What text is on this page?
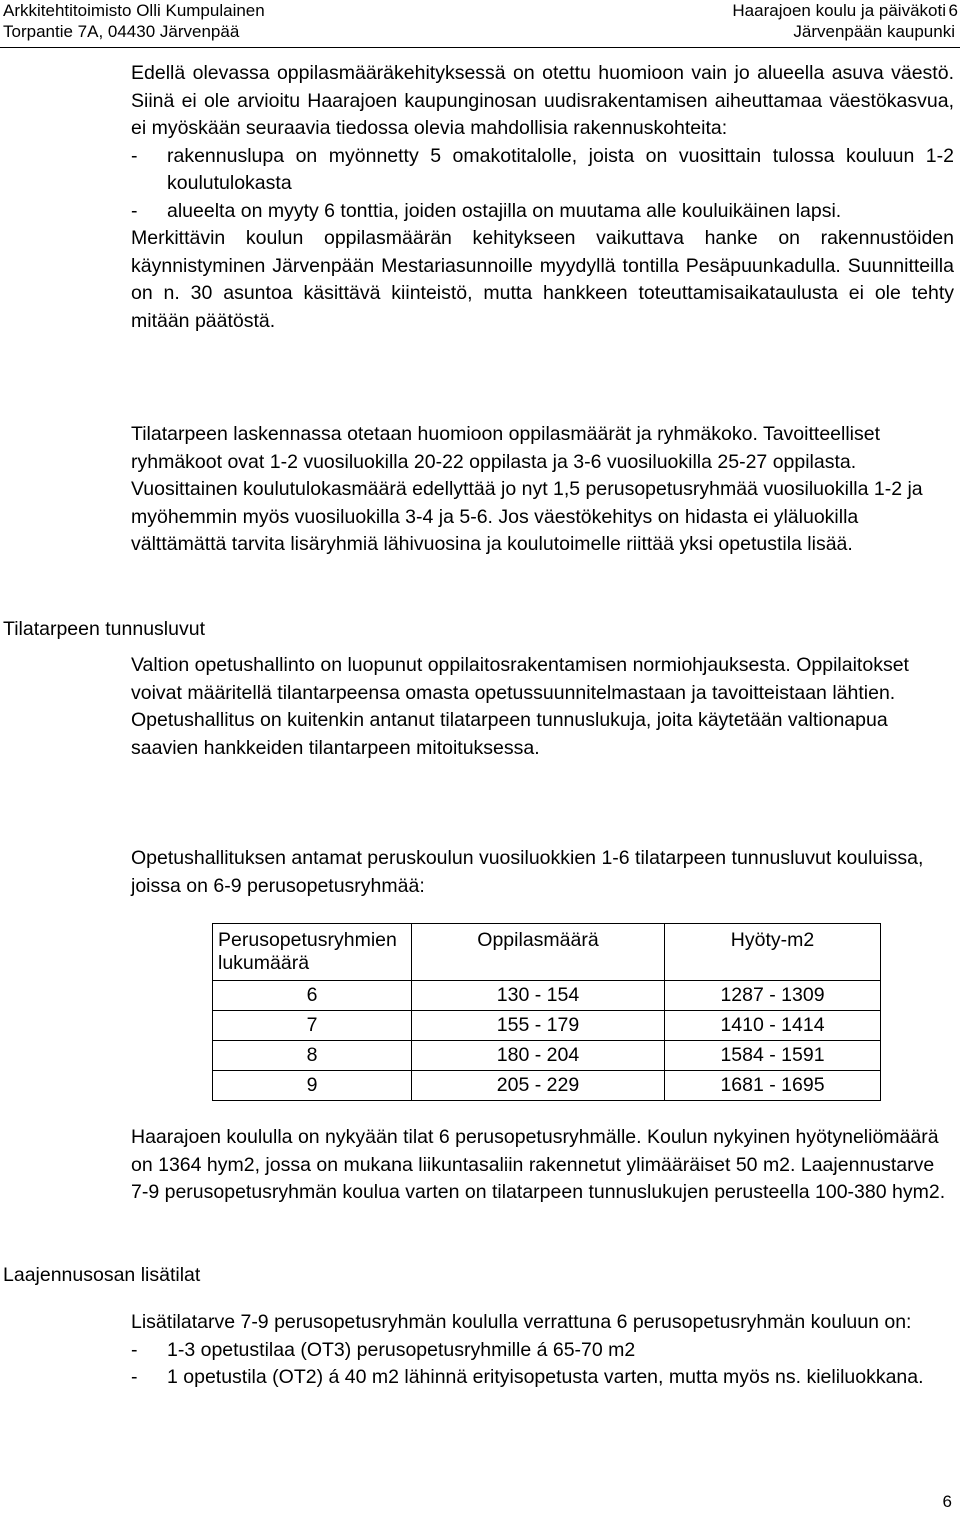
Arkkitehtitoimisto Olli Kumpulainen
Torpantie 7A, 04430 Järvenpää
Haarajoen koulu ja päiväkoti 6
Järvenpään kaupunki

Edellä olevassa oppilasmääräkehityksessä on otettu huomioon vain jo alueella asuva väestö. Siinä ei ole arvioitu Haarajoen kaupunginosan uudisrakentamisen aiheuttamaa väestökasvua, ei myöskään seuraavia tiedossa olevia mahdollisia rakennuskohteita:

-	rakennuslupa on myönnetty 5 omakotitalolle, joista on vuosittain tulossa kouluun 1-2 koulutulokasta
-	alueelta on myyty 6 tonttia, joiden ostajilla on muutama alle kouluikäinen lapsi.

Merkittävin koulun oppilasmäärän kehitykseen vaikuttava hanke on rakennustöiden käynnistyminen Järvenpään Mestariasunnoille myydyllä tontilla Pesäpuunkadulla. Suunnitteilla on n. 30 asuntoa käsittävä kiinteistö, mutta hankkeen toteuttamisaikataulusta ei ole tehty mitään päätöstä.

Tilatarpeen laskennassa otetaan huomioon oppilasmäärät ja ryhmäkoko. Tavoitteelliset ryhmäkoot ovat 1-2 vuosiluokilla 20-22 oppilasta ja 3-6 vuosiluokilla 25-27 oppilasta. Vuosittainen koulutulokasmäärä edellyttää jo nyt 1,5 perusopetusryhmää vuosiluokilla 1-2 ja myöhemmin myös vuosiluokilla 3-4 ja 5-6. Jos väestökehitys on hidasta ei yläluokilla välttämättä tarvita lisäryhmiä lähivuosina ja koulutoimelle riittää yksi opetustila lisää.
Tilatarpeen tunnusluvut
Valtion opetushallinto on luopunut oppilaitosrakentamisen normiohjauksesta. Oppilaitokset voivat määritellä tilantarpeensa omasta opetussuunnitelmastaan ja tavoitteistaan lähtien. Opetushallitus on kuitenkin antanut tilatarpeen tunnuslukuja, joita käytetään valtionapua saavien hankkeiden tilantarpeen mitoituksessa.
Opetushallituksen antamat peruskoulun vuosiluokkien 1-6 tilatarpeen tunnusluvut kouluissa, joissa on 6-9 perusopetusryhmää:
Perusopetusryhmien lukumäärä	Oppilasmäärä	Hyöty-m2
6	130 - 154	1287 - 1309
7	155 - 179	1410 - 1414
8	180 - 204	1584 - 1591
9	205 - 229	1681 - 1695
Haarajoen koululla on nykyään tilat 6 perusopetusryhmälle. Koulun nykyinen hyötyneliömäärä on 1364 hym2, jossa on mukana liikuntasaliin rakennetut ylimääräiset 50 m2. Laajennustarve 7-9 perusopetusryhmän koulua varten on tilatarpeen tunnuslukujen perusteella 100-380 hym2.
Laajennusosan lisätilat

Lisätilatarve 7-9 perusopetusryhmän koululla verrattuna 6 perusopetusryhmän kouluun on:

-	1-3 opetustilaa (OT3) perusopetusryhmille á 65-70 m2
-	1 opetustila (OT2) á 40 m2 lähinnä erityisopetusta varten, mutta myös ns. kieliluokkana.
6
